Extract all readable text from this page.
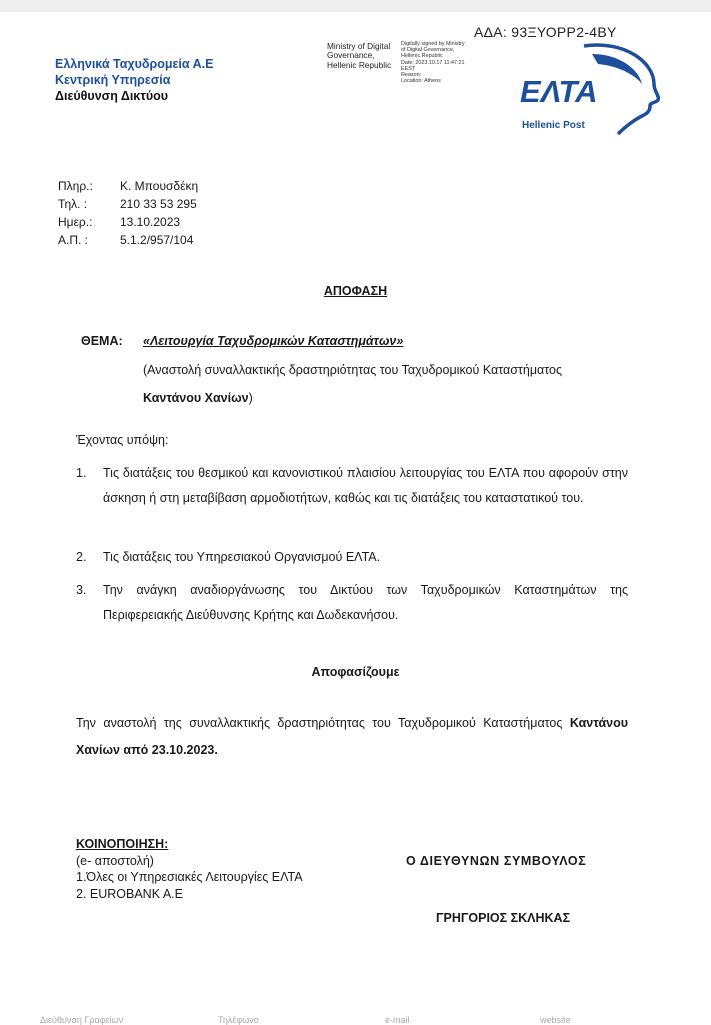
ΑΔΑ: 93ΞΥΟΡΡ2-4ΒΥ
Ελληνικά Ταχυδρομεία Α.Ε
Κεντρική Υπηρεσία
Διεύθυνση Δικτύου
Ministry of Digital
Governance,
Hellenic Republic
Digitally signed by Ministry
of Digital Governance,
Hellenic Republic
Date: 2023.10.17 11:47:21
EEST
Reason:
Location: Athens	ΕΛΤΑ
Hellenic Post
Πληρ.:	Κ. Μπουσδέκη
Τηλ. :	210 33 53 295
Ημερ.:	13.10.2023
Α.Π. :	5.1.2/957/104
ΑΠΟΦΑΣΗ
ΘΕΜΑ: «Λειτουργία Ταχυδρομικών Καταστημάτων»
(Αναστολή συναλλακτικής δραστηριότητας του Ταχυδρομικού Καταστήματος Καντάνου Χανίων)
Έχοντας υπόψη:
1.	Τις διατάξεις του θεσμικού και κανονιστικού πλαισίου λειτουργίας του ΕΛΤΑ που αφορούν στην άσκηση ή στη μεταβίβαση αρμοδιοτήτων, καθώς και τις διατάξεις του καταστατικού του.
2.	Τις διατάξεις του Υπηρεσιακού Οργανισμού ΕΛΤΑ.
3.	Την ανάγκη αναδιοργάνωσης του Δικτύου των Ταχυδρομικών Καταστημάτων της Περιφερειακής Διεύθυνσης Κρήτης και Δωδεκανήσου.
Αποφασίζουμε
Την αναστολή της συναλλακτικής δραστηριότητας του Ταχυδρομικού Καταστήματος Καντάνου Χανίων από 23.10.2023.
ΚΟΙΝΟΠΟΙΗΣΗ:
(e- αποστολή)
1.Όλες οι Υπηρεσιακές Λειτουργίες ΕΛΤΑ
2. EUROBANK A.E
Ο ΔΙΕΥΘΥΝΩΝ ΣΥΜΒΟΥΛΟΣ
ΓΡΗΓΟΡΙΟΣ ΣΚΛΗΚΑΣ
Διεύθυνση Γραφείων	Τηλέφωνο	e-mail	website
